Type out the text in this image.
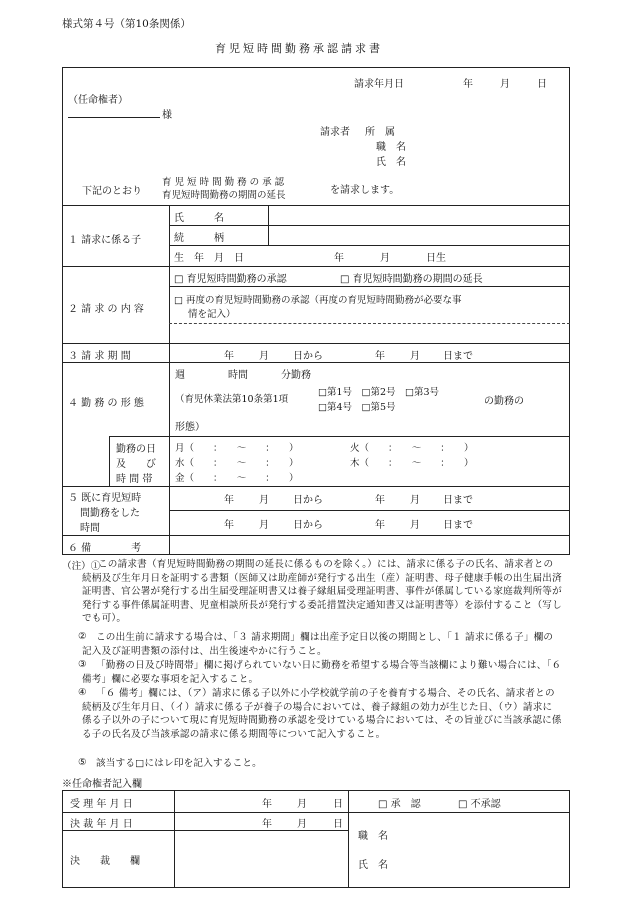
様式第４号（第10条関係）
育児短時間勤務承認請求書
請求年月日	年	月	日
（任命権者）
様
請求者 所　属
職　名
氏　名
下記のとおり
育 児 短 時 間 勤 務 の 承 認
育児短時間勤務の期間の延長	を請求します。
１ 請求に係る子
氏　　　名
続　　　柄
生　年　月　日	年	月	日生
２ 請 求 の 内 容
□ 育児短時間勤務の承認	□ 育児短時間勤務の期間の延長
□ 再度の育児短時間勤務の承認（再度の育児短時間勤務が必要な事
情を記入）
３ 請 求 期 間	年	月 日から	年	月 日まで
４ 勤 務 の 形 態
週	時間	分勤務
（育児休業法第10条第1項
□第1号　□第2号　□第3号
□第4号　□第5号
の勤務の
形態）
勤務の日
及　　び
時 間 帯
月（　　：　　～　　：　　）	火（　　：　　～　　：　　）
水（　　：　　～　　：　　）	木（　　：　　～　　：　　）
金（　　：　　～　　：　　）
５ 既に育児短時
間勤務をした
時間
年	月 日から	年	月 日まで
年	月 日から	年	月 日まで
６ 備　　　　考
（注）①
この請求書（育児短時間勤務の期間の延長に係るものを除く。）には、請求に係る子の氏名、請求者との続柄及び生年月日を証明する書類（医師又は助産師が発行する出生（産）証明書、母子健康手帳の出生届出済証明書、官公署が発行する出生届受理証明書又は養子縁組届受理証明書、事件が係属している家庭裁判所等が発行する事件係属証明書、児童相談所長が発行する委託措置決定通知書又は証明書等）を添付すること（写しでも可）。
② この出生前に請求する場合は、「３ 請求期間」欄は出産予定日以後の期間とし、「１ 請求に係る子」欄の記入及び証明書類の添付は、出生後速やかに行うこと。
③ 「勤務の日及び時間帯」欄に掲げられていない日に勤務を希望する場合等当該欄により難い場合には、「６ 備考」欄に必要な事項を記入すること。
④ 「６ 備考」欄には、（ア）請求に係る子以外に小学校就学前の子を養育する場合、その氏名、請求者との続柄及び生年月日、（イ）請求に係る子が養子の場合においては、養子縁組の効力が生じた日、（ウ）請求に係る子以外の子について現に育児短時間勤務の承認を受けている場合においては、その旨並びに当該承認に係る子の氏名及び当該承認の請求に係る期間等について記入すること。
⑤ 該当する□にはレ印を記入すること。
※任命権者記入欄
受 理 年 月 日	年	月	日	□ 承　認	□ 不承認
決 裁 年 月 日	年	月	日
職　名
氏　名
決　　裁　　欄
